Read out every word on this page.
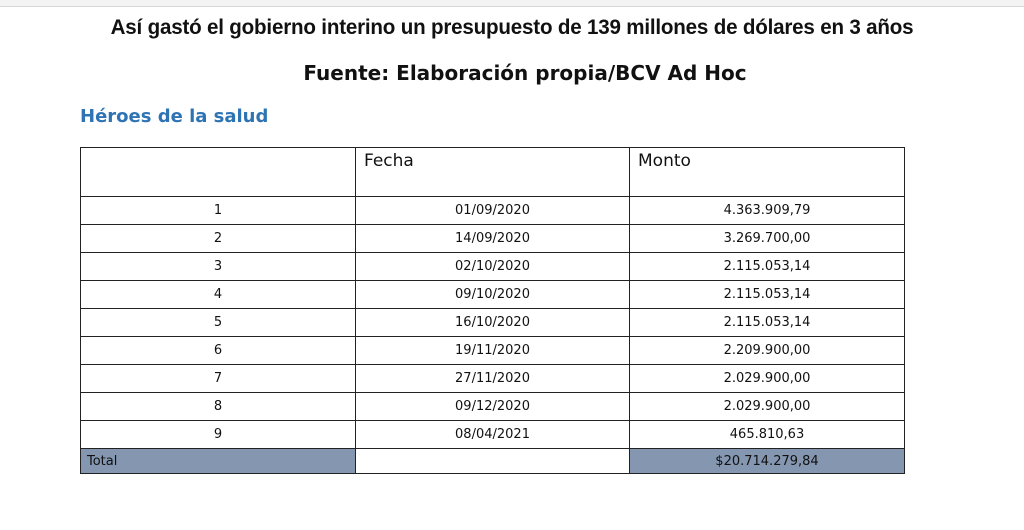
Así gastó el gobierno interino un presupuesto de 139 millones de dólares en 3 años
Fuente: Elaboración propia/BCV Ad Hoc
Héroes de la salud
	Fecha	Monto
1	01/09/2020	4.363.909,79
2	14/09/2020	3.269.700,00
3	02/10/2020	2.115.053,14
4	09/10/2020	2.115.053,14
5	16/10/2020	2.115.053,14
6	19/11/2020	2.209.900,00
7	27/11/2020	2.029.900,00
8	09/12/2020	2.029.900,00
9	08/04/2021	465.810,63
Total		$20.714.279,84
